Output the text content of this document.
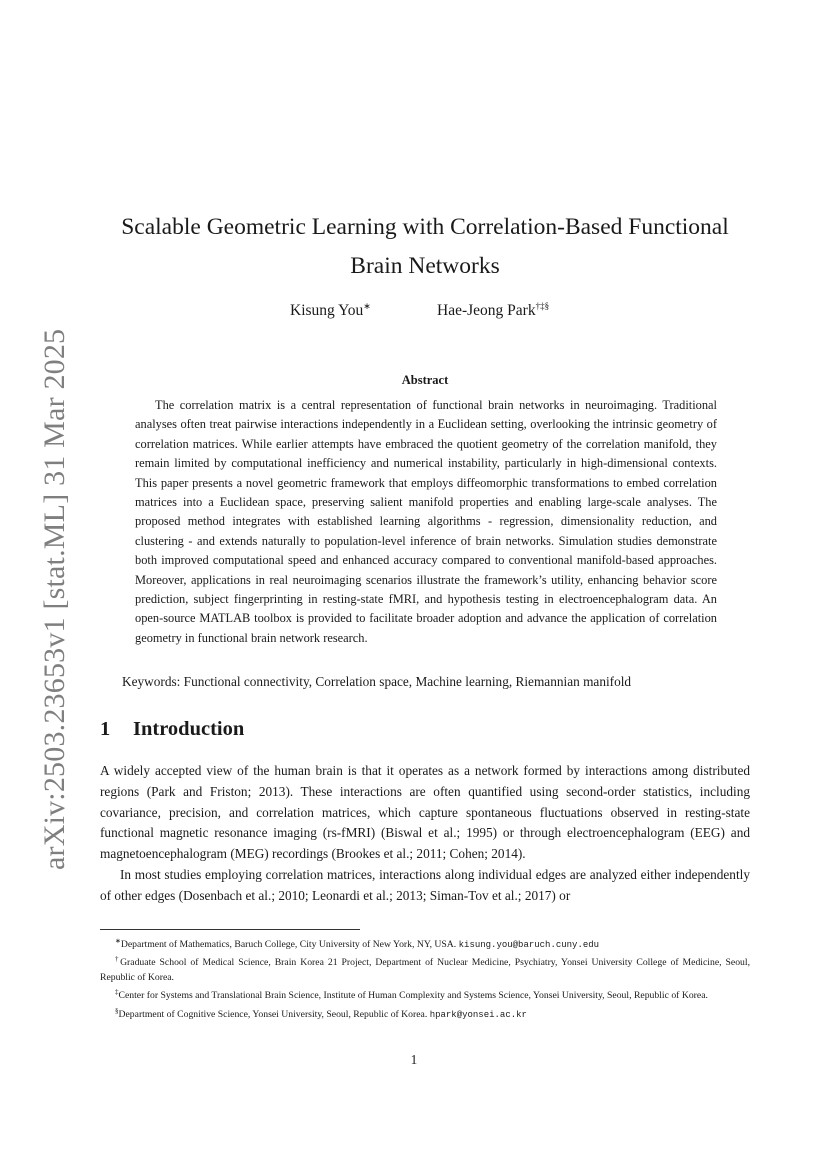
arXiv:2503.23653v1 [stat.ML] 31 Mar 2025
Scalable Geometric Learning with Correlation-Based Functional Brain Networks
Kisung You∗	Hae-Jeong Park†‡§
Abstract

The correlation matrix is a central representation of functional brain networks in neuroimaging. Traditional analyses often treat pairwise interactions independently in a Euclidean setting, overlooking the intrinsic geometry of correlation matrices. While earlier attempts have embraced the quotient geometry of the correlation manifold, they remain limited by computational inefficiency and numerical instability, particularly in high-dimensional contexts. This paper presents a novel geometric framework that employs diffeomorphic transformations to embed correlation matrices into a Euclidean space, preserving salient manifold properties and enabling large-scale analyses. The proposed method integrates with established learning algorithms - regression, dimensionality reduction, and clustering - and extends naturally to population-level inference of brain networks. Simulation studies demonstrate both improved computational speed and enhanced accuracy compared to conventional manifold-based approaches. Moreover, applications in real neuroimaging scenarios illustrate the framework’s utility, enhancing behavior score prediction, subject fingerprinting in resting-state fMRI, and hypothesis testing in electroencephalogram data. An open-source MATLAB toolbox is provided to facilitate broader adoption and advance the application of correlation geometry in functional brain network research.

Keywords: Functional connectivity, Correlation space, Machine learning, Riemannian manifold

1 Introduction

A widely accepted view of the human brain is that it operates as a network formed by interactions among distributed regions (Park and Friston; 2013). These interactions are often quantified using second-order statistics, including covariance, precision, and correlation matrices, which capture spontaneous fluctuations observed in resting-state functional magnetic resonance imaging (rs-fMRI) (Biswal et al.; 1995) or through electroencephalogram (EEG) and magnetoencephalogram (MEG) recordings (Brookes et al.; 2011; Cohen; 2014).

In most studies employing correlation matrices, interactions along individual edges are analyzed either independently of other edges (Dosenbach et al.; 2010; Leonardi et al.; 2013; Siman-Tov et al.; 2017) or

∗Department of Mathematics, Baruch College, City University of New York, NY, USA. kisung.you@baruch.cuny.edu

†Graduate School of Medical Science, Brain Korea 21 Project, Department of Nuclear Medicine, Psychiatry, Yonsei University College of Medicine, Seoul, Republic of Korea.

‡Center for Systems and Translational Brain Science, Institute of Human Complexity and Systems Science, Yonsei University, Seoul, Republic of Korea.

§Department of Cognitive Science, Yonsei University, Seoul, Republic of Korea. hpark@yonsei.ac.kr

1
